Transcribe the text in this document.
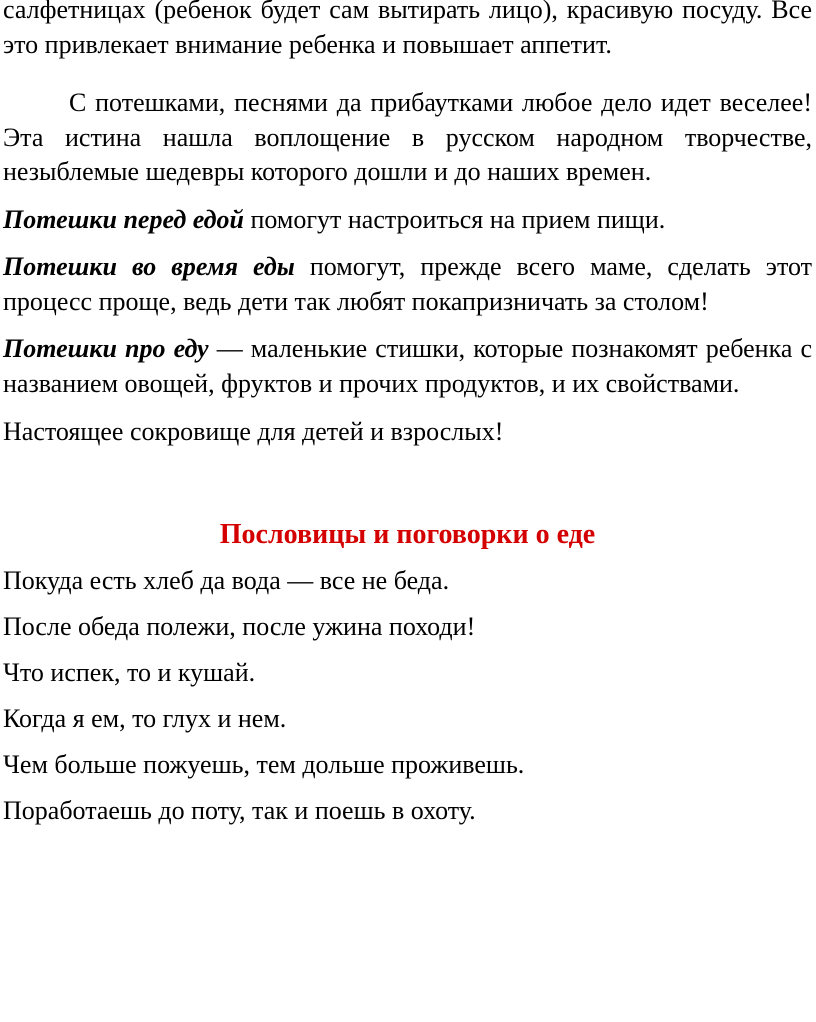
салфетницах (ребенок будет сам вытирать лицо), красивую посуду. Все это привлекает внимание ребенка и повышает аппетит.

С потешками, песнями да прибаутками любое дело идет веселее! Эта истина нашла воплощение в русском народном творчестве, незыблемые шедевры которого дошли и до наших времен.

Потешки перед едой помогут настроиться на прием пищи.

Потешки во время еды помогут, прежде всего маме, сделать этот процесс проще, ведь дети так любят покапризничать за столом!

Потешки про еду — маленькие стишки, которые познакомят ребенка с названием овощей, фруктов и прочих продуктов, и их свойствами.

Настоящее сокровище для детей и взрослых!

Пословицы и поговорки о еде

Покуда есть хлеб да вода — все не беда.

После обеда полежи, после ужина походи!

Что испек, то и кушай.

Когда я ем, то глух и нем.

Чем больше пожуешь, тем дольше проживешь.

Поработаешь до поту, так и поешь в охоту.
